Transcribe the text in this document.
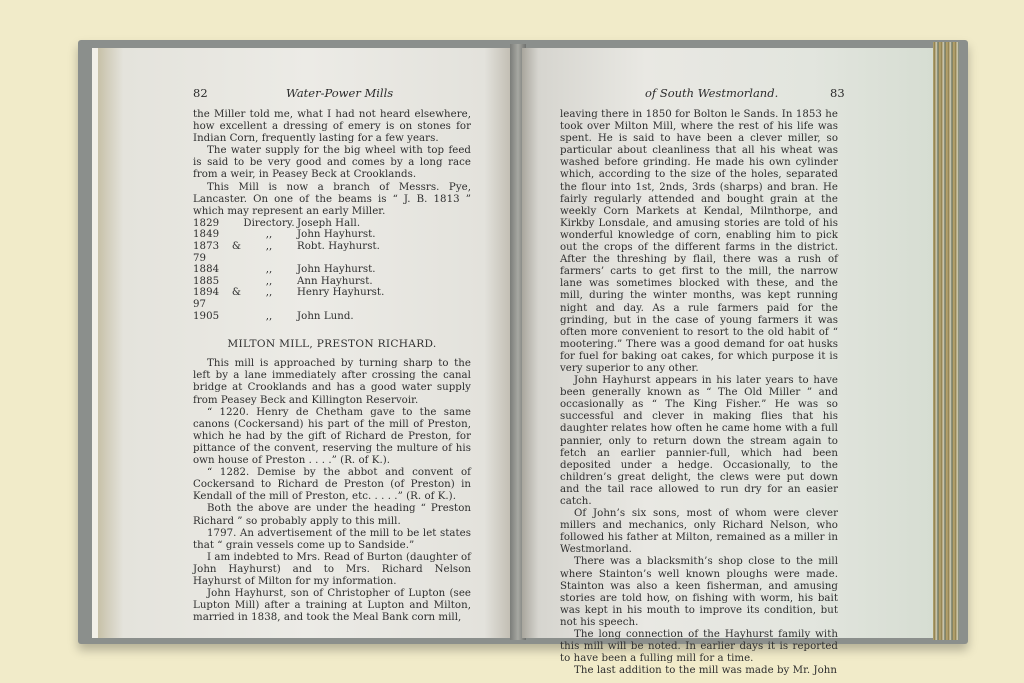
82	Water-Power Mills	of South Westmorland.	83

the Miller told me, what I had not heard elsewhere, how excellent a dressing of emery is on stones for Indian Corn, frequently lasting for a few years.

The water supply for the big wheel with top feed is said to be very good and comes by a long race from a weir, in Peasey Beck at Crooklands.

This Mill is now a branch of Messrs. Pye, Lancaster. On one of the beams is “ J. B. 1813 ” which may represent an early Miller.

1829	Directory.	Joseph Hall.
1849	,,	John Hayhurst.
1873 & 79	,,	Robt. Hayhurst.
1884	,,	John Hayhurst.
1885	,,	Ann Hayhurst.
1894 & 97	,,	Henry Hayhurst.
1905	,,	John Lund.
MILTON MILL, PRESTON RICHARD.

This mill is approached by turning sharp to the left by a lane immediately after crossing the canal bridge at Crooklands and has a good water supply from Peasey Beck and Killington Reservoir.

“ 1220. Henry de Chetham gave to the same canons (Cockersand) his part of the mill of Preston, which he had by the gift of Richard de Preston, for pittance of the convent, reserving the multure of his own house of Preston . . . .” (R. of K.).

“ 1282. Demise by the abbot and convent of Cockersand to Richard de Preston (of Preston) in Kendall of the mill of Preston, etc. . . . .” (R. of K.).

Both the above are under the heading “ Preston Richard ” so probably apply to this mill.

1797. An advertisement of the mill to be let states that “ grain vessels come up to Sandside.”

I am indebted to Mrs. Read of Burton (daughter of John Hayhurst) and to Mrs. Richard Nelson Hayhurst of Milton for my information.

John Hayhurst, son of Christopher of Lupton (see Lupton Mill) after a training at Lupton and Milton, married in 1838, and took the Meal Bank corn mill,

leaving there in 1850 for Bolton le Sands. In 1853 he took over Milton Mill, where the rest of his life was spent. He is said to have been a clever miller, so particular about cleanliness that all his wheat was washed before grinding. He made his own cylinder which, according to the size of the holes, separated the flour into 1st, 2nds, 3rds (sharps) and bran. He fairly regularly attended and bought grain at the weekly Corn Markets at Kendal, Milnthorpe, and Kirkby Lonsdale, and amusing stories are told of his wonderful knowledge of corn, enabling him to pick out the crops of the different farms in the district. After the threshing by flail, there was a rush of farmers’ carts to get first to the mill, the narrow lane was sometimes blocked with these, and the mill, during the winter months, was kept running night and day. As a rule farmers paid for the grinding, but in the case of young farmers it was often more convenient to resort to the old habit of “ mootering.” There was a good demand for oat husks for fuel for baking oat cakes, for which purpose it is very superior to any other.

John Hayhurst appears in his later years to have been generally known as “ The Old Miller ” and occasionally as “ The King Fisher.” He was so successful and clever in making flies that his daughter relates how often he came home with a full pannier, only to return down the stream again to fetch an earlier pannier-full, which had been deposited under a hedge. Occasionally, to the children’s great delight, the clews were put down and the tail race allowed to run dry for an easier catch.

Of John’s six sons, most of whom were clever millers and mechanics, only Richard Nelson, who followed his father at Milton, remained as a miller in Westmorland.

There was a blacksmith’s shop close to the mill where Stainton’s well known ploughs were made. Stainton was also a keen fisherman, and amusing stories are told how, on fishing with worm, his bait was kept in his mouth to improve its condition, but not his speech.

The long connection of the Hayhurst family with this mill will be noted. In earlier days it is reported to have been a fulling mill for a time.

The last addition to the mill was made by Mr. John
